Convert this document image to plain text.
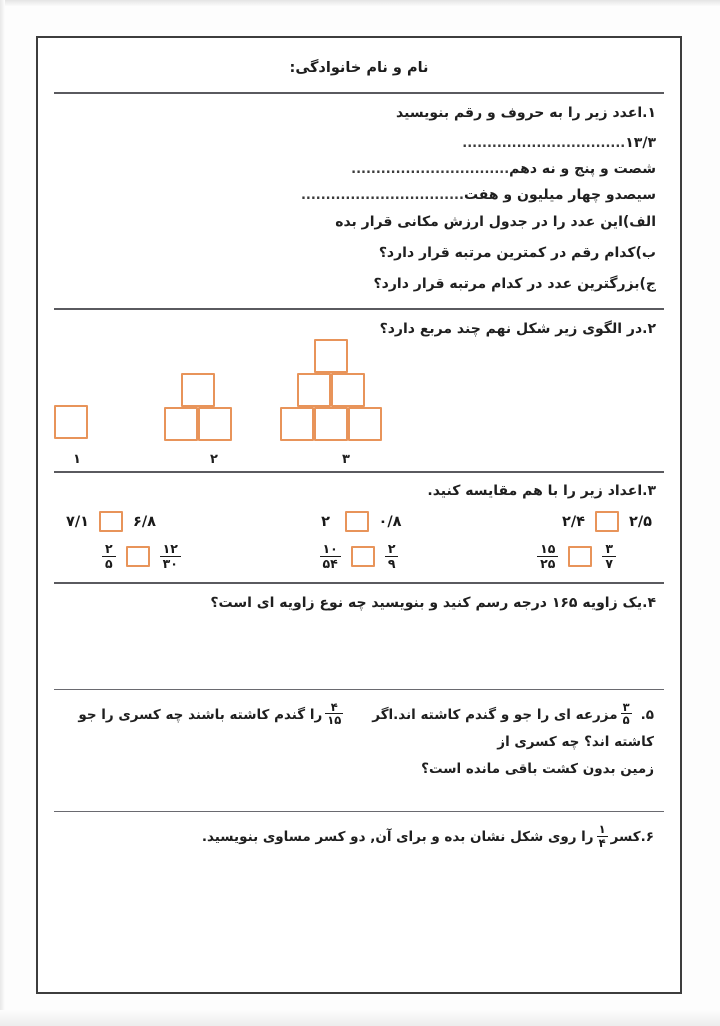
نام و نام خانوادگی:
۱.اعدد زیر را به حروف و رقم بنویسید
۱۳/۳.................................
شصت و پنج و نه دهم................................
سیصدو چهار میلیون و هفت.................................
الف)این عدد را در جدول ارزش مکانی قرار بده
ب)کدام رقم در کمترین مرتبه قرار دارد؟
ج)بزرگترین عدد در کدام مرتبه قرار دارد؟
۲.در الگوی زیر شکل نهم چند مربع دارد؟
۱	۲	۳
۳.اعداد زیر را با هم مقایسه کنید.
۷/۱	۶/۸	۲	۰/۸	۲/۴	۲/۵
$\frac{۲}{۵}$	$\frac{۱۲}{۳۰}$	$\frac{۱۰}{۵۴}$	$\frac{۲}{۹}$	$\frac{۱۵}{۲۵}$	$\frac{۳}{۷}$
۴.یک زاویه ۱۶۵ درجه رسم کنید و بنویسید چه نوع زاویه ای است؟
۵.
$\frac{۳}{۵}$
مزرعه ای را جو و گندم کاشته اند.اگر
$\frac{۴}{۱۵}$
را گندم کاشته باشند چه کسری را جو کاشته اند؟ چه کسری از
زمین بدون کشت باقی مانده است؟
۶.کسر
$\frac{۱}{۴}$
را روی شکل نشان بده و برای آن, دو کسر مساوی بنویسید.
